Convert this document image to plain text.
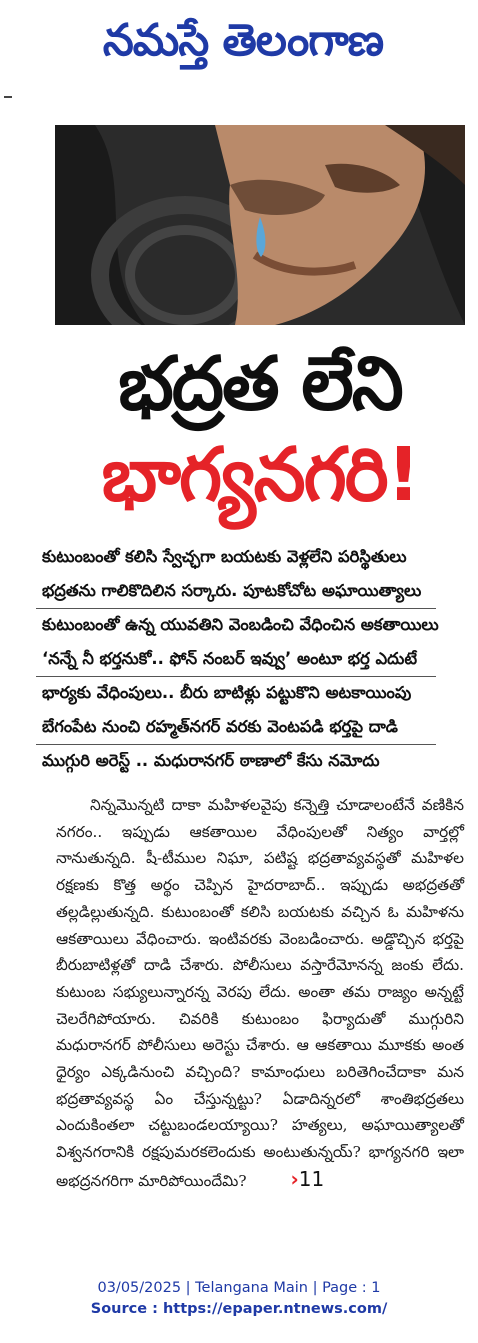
నమస్తే తెలంగాణ
భద్రత లేని
భాగ్యనగరి!
కుటుంబంతో కలిసి స్వేచ్ఛగా బయటకు వెళ్లలేని పరిస్థితులు
భద్రతను గాలికొదిలిన సర్కారు. పూటకోచోట అఘాయిత్యాలు
కుటుంబంతో ఉన్న యువతిని వెంబడించి వేధించిన అకతాయిలు
‘నన్నే నీ భర్తనుకో.. ఫోన్ నంబర్ ఇవ్వు’ అంటూ భర్త ఎదుటే
భార్యకు వేధింపులు.. బీరు బాటిళ్లు పట్టుకొని అటకాయింపు
బేగంపేట నుంచి రహ్మత్‌నగర్ వరకు వెంటపడి భర్తపై దాడి
ముగ్గురి అరెస్ట్ .. మధురానగర్ ఠాణాలో కేసు నమోదు

నిన్నమొన్నటి దాకా మహిళలవైపు కన్నెత్తి చూడాలంటేనే వణికిన నగరం.. ఇప్పుడు ఆకతాయిల వేధింపులతో నిత్యం వార్తల్లో నానుతున్నది. షీ-టీముల నిఘా, పటిష్ట భద్రతావ్యవస్థతో మహిళల రక్షణకు కొత్త అర్థం చెప్పిన హైదరాబాద్.. ఇప్పుడు అభద్రతతో తల్లడిల్లుతున్నది. కుటుంబంతో కలిసి బయటకు వచ్చిన ఓ మహిళను ఆకతాయిలు వేధించారు. ఇంటివరకు వెంబడించారు. అడ్డొచ్చిన భర్తపై బీరుబాటిళ్లతో దాడి చేశారు. పోలీసులు వస్తారేమోనన్న జంకు లేదు. కుటుంబ సభ్యులున్నారన్న వెరపు లేదు. అంతా తమ రాజ్యం అన్నట్టే చెలరేగిపోయారు. చివరికి కుటుంబం ఫిర్యాదుతో ముగ్గురిని మధురానగర్ పోలీసులు అరెస్టు చేశారు. ఆ ఆకతాయి మూకకు అంత ధైర్యం ఎక్కడినుంచి వచ్చింది? కామాంధులు బరితెగించేదాకా మన భద్రతావ్యవస్థ ఏం చేస్తున్నట్టు? ఏడాదిన్నరలో శాంతిభద్రతలు ఎందుకింతలా చట్టుబండలయ్యాయి? హత్యలు, అఘాయిత్యాలతో విశ్వనగరానికి రక్షపుమరకలెందుకు అంటుతున్నయ్? భాగ్యనగరి ఇలా అభద్రనగరిగా మారిపోయిందేమి? ›11

03/05/2025 | Telangana Main | Page : 1
Source : https://epaper.ntnews.com/
